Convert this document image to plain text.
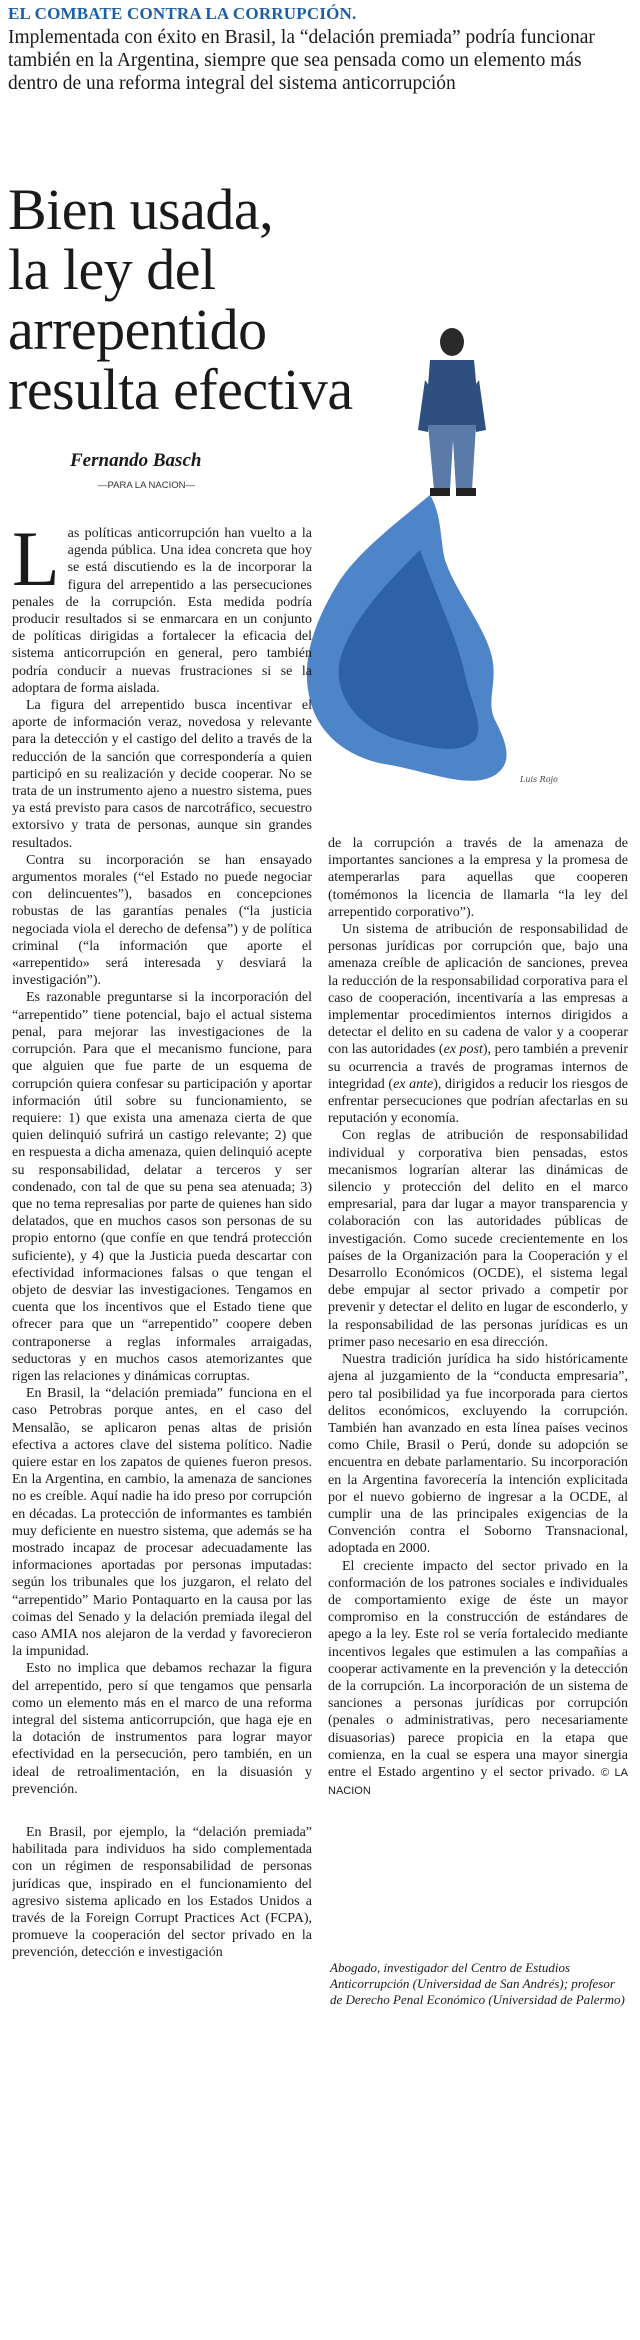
EL COMBATE CONTRA LA CORRUPCIÓN.
Implementada con éxito en Brasil, la “delación premiada” podría funcionar también en la Argentina, siempre que sea pensada como un elemento más dentro de una reforma integral del sistema anticorrupción
Bien usada,
la ley del arrepentido
resulta efectiva
Fernando Basch
—PARA LA NACION—
Luis Rojo

Las políticas anticorrupción han vuelto a la agenda pública. Una idea concreta que hoy se está discutiendo es la de incorporar la figura del arrepentido a las persecuciones penales de la corrupción. Esta medida podría producir resultados si se enmarcara en un conjunto de políticas dirigidas a fortalecer la eficacia del sistema anticorrupción en general, pero también podría conducir a nuevas frustraciones si se la adoptara de forma aislada.

La figura del arrepentido busca incentivar el aporte de información veraz, novedosa y relevante para la detección y el castigo del delito a través de la reducción de la sanción que correspondería a quien participó en su realización y decide cooperar. No se trata de un instrumento ajeno a nuestro sistema, pues ya está previsto para casos de narcotráfico, secuestro extorsivo y trata de personas, aunque sin grandes resultados.

Contra su incorporación se han ensayado argumentos morales (“el Estado no puede negociar con delincuentes”), basados en concepciones robustas de las garantías penales (“la justicia negociada viola el derecho de defensa”) y de política criminal (“la información que aporte el «arrepentido» será interesada y desviará la investigación”).

Es razonable preguntarse si la incorporación del “arrepentido” tiene potencial, bajo el actual sistema penal, para mejorar las investigaciones de la corrupción. Para que el mecanismo funcione, para que alguien que fue parte de un esquema de corrupción quiera confesar su participación y aportar información útil sobre su funcionamiento, se requiere: 1) que exista una amenaza cierta de que quien delinquió sufrirá un castigo relevante; 2) que en respuesta a dicha amenaza, quien delinquió acepte su responsabilidad, delatar a terceros y ser condenado, con tal de que su pena sea atenuada; 3) que no tema represalias por parte de quienes han sido delatados, que en muchos casos son personas de su propio entorno (que confíe en que tendrá protección suficiente), y 4) que la Justicia pueda descartar con efectividad informaciones falsas o que tengan el objeto de desviar las investigaciones. Tengamos en cuenta que los incentivos que el Estado tiene que ofrecer para que un “arrepentido” coopere deben contraponerse a reglas informales arraigadas, seductoras y en muchos casos atemorizantes que rigen las relaciones y dinámicas corruptas.

En Brasil, la “delación premiada” funciona en el caso Petrobras porque antes, en el caso del Mensalão, se aplicaron penas altas de prisión efectiva a actores clave del sistema político. Nadie quiere estar en los zapatos de quienes fueron presos. En la Argentina, en cambio, la amenaza de sanciones no es creíble. Aquí nadie ha ido preso por corrupción en décadas. La protección de informantes es también muy deficiente en nuestro sistema, que además se ha mostrado incapaz de procesar adecuadamente las informaciones aportadas por personas imputadas: según los tribunales que los juzgaron, el relato del “arrepentido” Mario Pontaquarto en la causa por las coimas del Senado y la delación premiada ilegal del caso AMIA nos alejaron de la verdad y favorecieron la impunidad.

Esto no implica que debamos rechazar la figura del arrepentido, pero sí que tengamos que pensarla como un elemento más en el marco de una reforma integral del sistema anticorrupción, que haga eje en la dotación de instrumentos para lograr mayor efectividad en la persecución, pero también, en un ideal de retroalimentación, en la disuasión y prevención.

En Brasil, por ejemplo, la “delación premiada” habilitada para individuos ha sido complementada con un régimen de responsabilidad de personas jurídicas que, inspirado en el funcionamiento del agresivo sistema aplicado en los Estados Unidos a través de la Foreign Corrupt Practices Act (FCPA), promueve la cooperación del sector privado en la prevención, detección e investigación

de la corrupción a través de la amenaza de importantes sanciones a la empresa y la promesa de atemperarlas para aquellas que cooperen (tomémonos la licencia de llamarla “la ley del arrepentido corporativo”).

Un sistema de atribución de responsabilidad de personas jurídicas por corrupción que, bajo una amenaza creíble de aplicación de sanciones, prevea la reducción de la responsabilidad corporativa para el caso de cooperación, incentivaría a las empresas a implementar procedimientos internos dirigidos a detectar el delito en su cadena de valor y a cooperar con las autoridades (ex post), pero también a prevenir su ocurrencia a través de programas internos de integridad (ex ante), dirigidos a reducir los riesgos de enfrentar persecuciones que podrían afectarlas en su reputación y economía.

Con reglas de atribución de responsabilidad individual y corporativa bien pensadas, estos mecanismos lograrían alterar las dinámicas de silencio y protección del delito en el marco empresarial, para dar lugar a mayor transparencia y colaboración con las autoridades públicas de investigación. Como sucede crecientemente en los países de la Organización para la Cooperación y el Desarrollo Económicos (OCDE), el sistema legal debe empujar al sector privado a competir por prevenir y detectar el delito en lugar de esconderlo, y la responsabilidad de las personas jurídicas es un primer paso necesario en esa dirección.

Nuestra tradición jurídica ha sido históricamente ajena al juzgamiento de la “conducta empresaria”, pero tal posibilidad ya fue incorporada para ciertos delitos económicos, excluyendo la corrupción. También han avanzado en esta línea países vecinos como Chile, Brasil o Perú, donde su adopción se encuentra en debate parlamentario. Su incorporación en la Argentina favorecería la intención explicitada por el nuevo gobierno de ingresar a la OCDE, al cumplir una de las principales exigencias de la Convención contra el Soborno Transnacional, adoptada en 2000.

El creciente impacto del sector privado en la conformación de los patrones sociales e individuales de comportamiento exige de éste un mayor compromiso en la construcción de estándares de apego a la ley. Este rol se vería fortalecido mediante incentivos legales que estimulen a las compañías a cooperar activamente en la prevención y la detección de la corrupción. La incorporación de un sistema de sanciones a personas jurídicas por corrupción (penales o administrativas, pero necesariamente disuasorias) parece propicia en la etapa que comienza, en la cual se espera una mayor sinergia entre el Estado argentino y el sector privado. © LA NACION

Abogado, investigador del Centro de Estudios Anticorrupción (Universidad de San Andrés); profesor de Derecho Penal Económico (Universidad de Palermo)
